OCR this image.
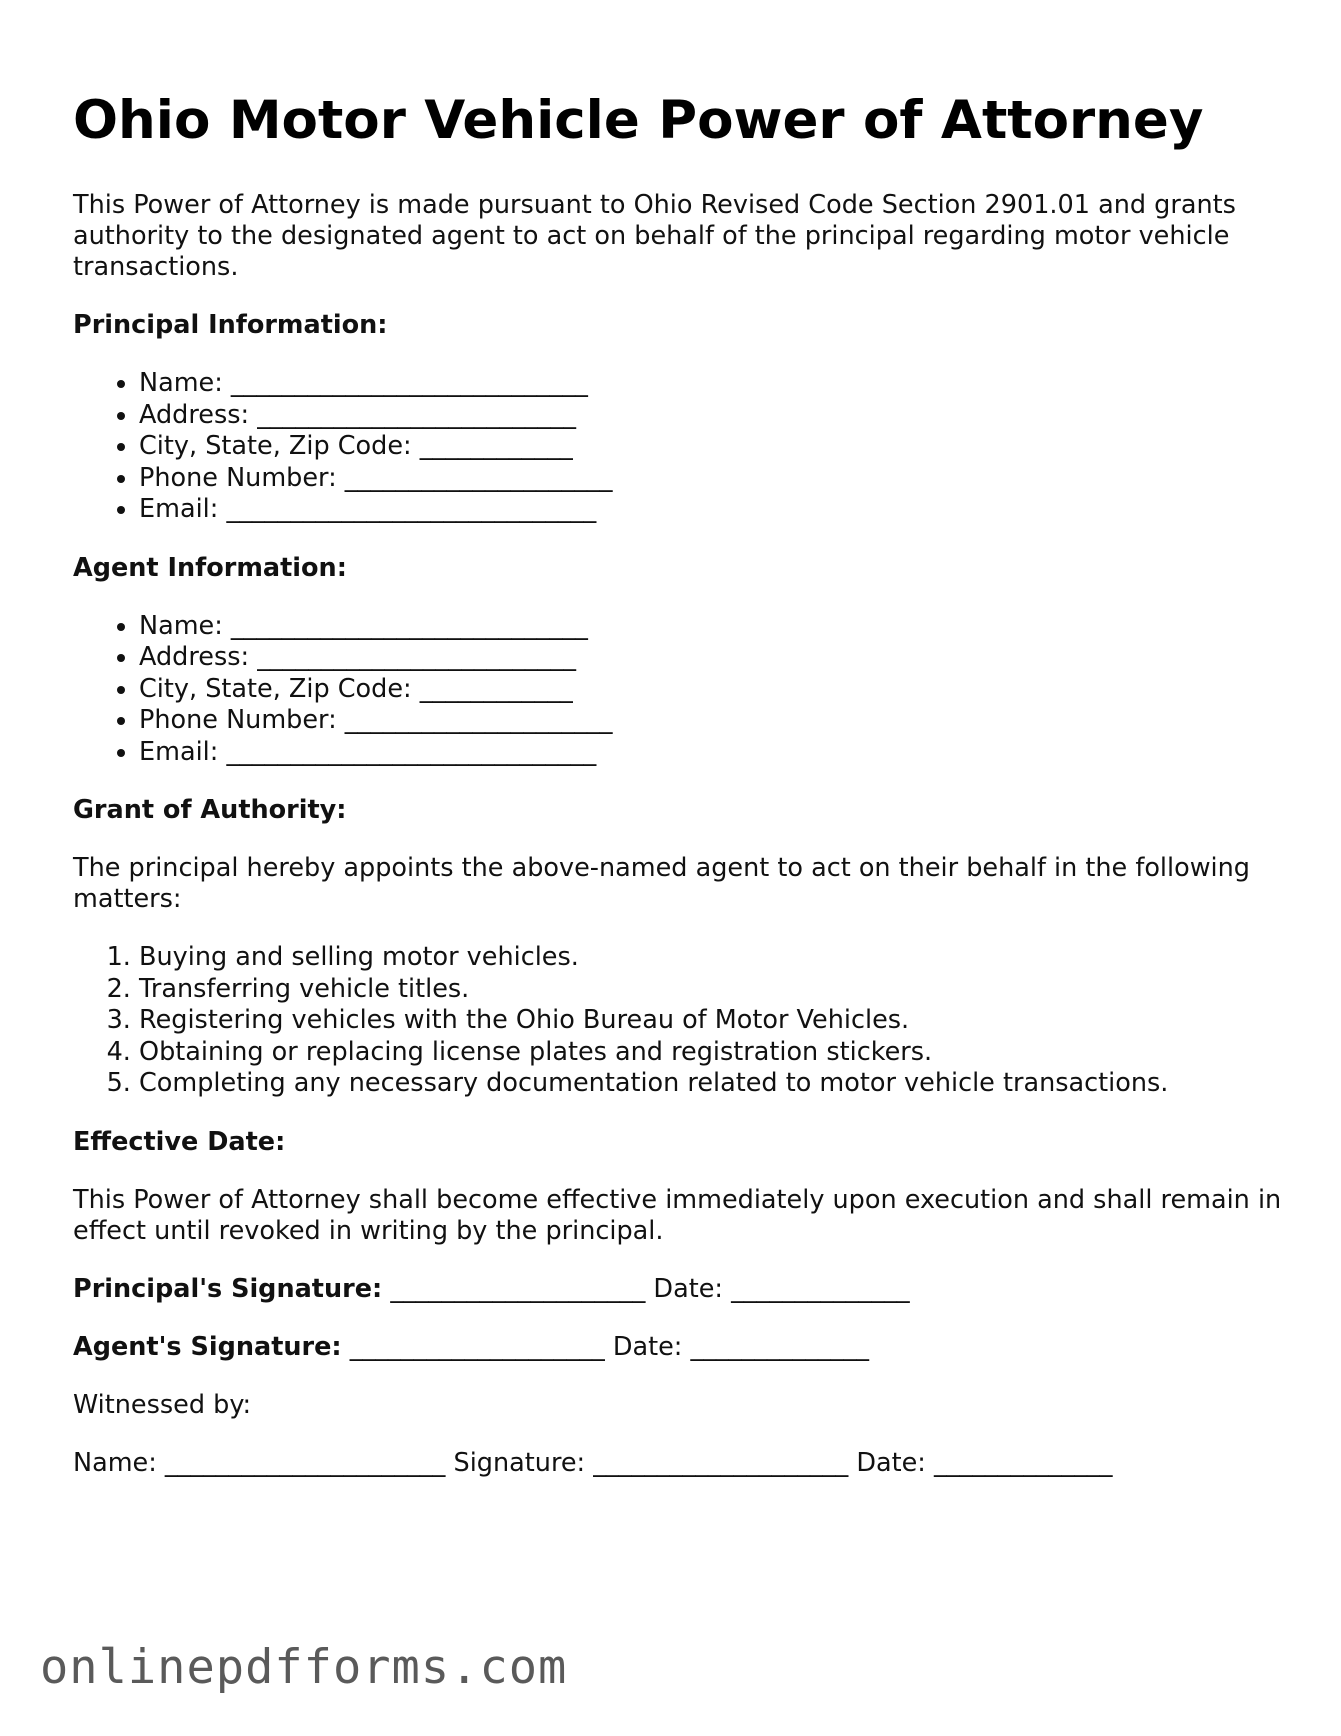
Ohio Motor Vehicle Power of Attorney

This Power of Attorney is made pursuant to Ohio Revised Code Section 2901.01 and grants authority to the designated agent to act on behalf of the principal regarding motor vehicle transactions.

Principal Information:

• Name: ____________________________
• Address: _________________________
• City, State, Zip Code: ____________
• Phone Number: _____________________
• Email: _____________________________

Agent Information:

• Name: ____________________________
• Address: _________________________
• City, State, Zip Code: ____________
• Phone Number: _____________________
• Email: _____________________________

Grant of Authority:

The principal hereby appoints the above-named agent to act on their behalf in the following matters:

1. Buying and selling motor vehicles.
2. Transferring vehicle titles.
3. Registering vehicles with the Ohio Bureau of Motor Vehicles.
4. Obtaining or replacing license plates and registration stickers.
5. Completing any necessary documentation related to motor vehicle transactions.

Effective Date:

This Power of Attorney shall become effective immediately upon execution and shall remain in effect until revoked in writing by the principal.

Principal's Signature: ____________________ Date: ______________

Agent's Signature: ____________________ Date: ______________

Witnessed by:

Name: ______________________ Signature: ____________________ Date: ______________

onlinepdfforms.com
